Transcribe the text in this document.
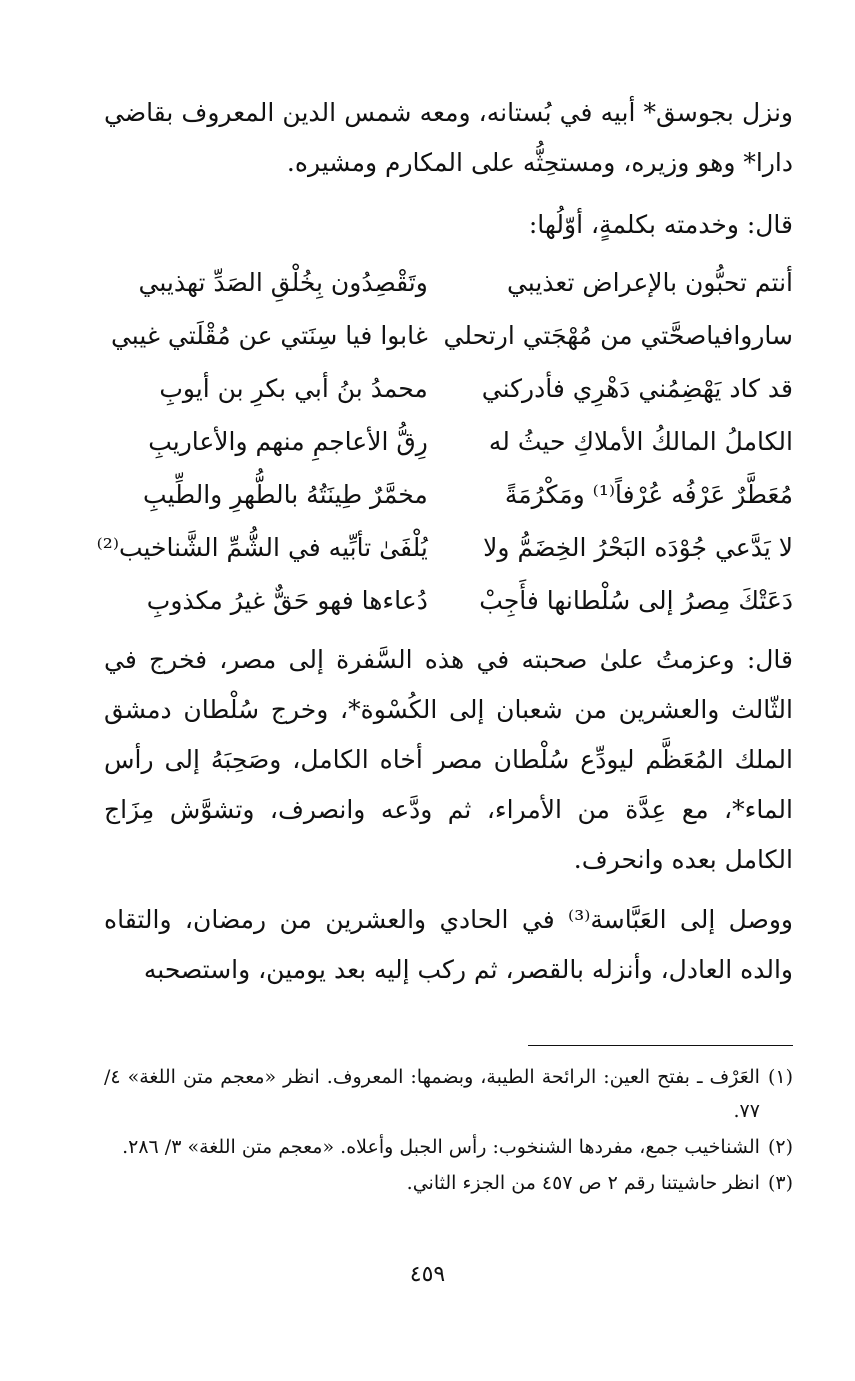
ونزل بجوسق* أبيه في بُستانه، ومعه شمس الدين المعروف بقاضي دارا* وهو وزيره، ومستحِثُّه على المكارم ومشيره.

قال: وخدمته بكلمةٍ، أوّلُها:

أنتم تحبُّون بالإعراض تعذيبي
وتَقْصِدُون بِخُلْقِ الصَدِّ تهذيبي
ساروافياصحَّتي من مُهْجَتي ارتحلي
غابوا فيا سِنَتي عن مُقْلَتي غيبي
قد كاد يَهْضِمُني دَهْرِي فأدركني
محمدُ بنُ أبي بكرِ بن أيوبِ
الكاملُ المالكُ الأملاكِ حيثُ له
رِقُّ الأعاجمِ منهم والأعاريبِ
مُعَطَّرٌ عَرْفُه عُرْفاً⁽¹⁾ ومَكْرُمَةً
مخمَّرٌ طِينَتُهُ بالطُّهرِ والطِّيبِ
لا يَدَّعي جُوْدَه البَحْرُ الخِضَمُّ ولا
يُلْفَىٰ تأبِّيه في الشُّمِّ الشَّناخيب⁽²⁾
دَعَتْكَ مِصرُ إلى سُلْطانها فأَجِبْ
دُعاءها فهو حَقٌّ غيرُ مكذوبِ

قال: وعزمتُ علىٰ صحبته في هذه السَّفرة إلى مصر، فخرج في الثّالث والعشرين من شعبان إلى الكُسْوة*، وخرج سُلْطان دمشق الملك المُعَظَّم ليودِّع سُلْطان مصر أخاه الكامل، وصَحِبَهُ إلى رأس الماء*، مع عِدَّة من الأمراء، ثم ودَّعه وانصرف، وتشوَّش مِزَاج الكامل بعده وانحرف.

ووصل إلى العَبَّاسة⁽³⁾ في الحادي والعشرين من رمضان، والتقاه والده العادل، وأنزله بالقصر، ثم ركب إليه بعد يومين، واستصحبه

(١)
العَرْف ـ بفتح العين: الرائحة الطيبة، وبضمها: المعروف. انظر «معجم متن اللغة» ٤/ ٧٧.
(٢)
الشناخيب جمع، مفردها الشنخوب: رأس الجبل وأعلاه. «معجم متن اللغة» ٣/ ٢٨٦.
(٣)
انظر حاشيتنا رقم ٢ ص ٤٥٧ من الجزء الثاني.
٤٥٩
